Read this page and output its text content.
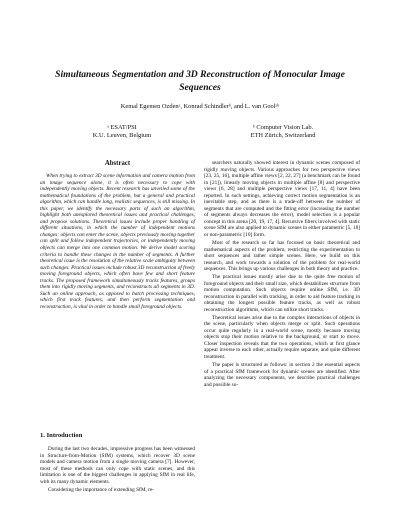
Simultaneous Segmentation and 3D Reconstruction of Monocular Image Sequences
Kemal Egemen Ozdenᵃ, Konrad Schindlerᵇ, and L. van Goolᵃᵇ
ᵃ ESAT/PSI
K.U. Leuven, Belgium
ᵇ Computer Vision Lab.
ETH Zürich, Switzerland
Abstract
When trying to extract 3D scene information and camera motion from an image sequence alone, it is often necessary to cope with independently moving objects. Recent research has unveiled some of the mathematical foundations of the problem, but a general and practical algorithm, which can handle long, realistic sequences, is still missing. In this paper, we identify the necessary parts of such an algorithm, highlight both unexplored theoretical issues and practical challenges, and propose solutions. Theoretical issues include proper handling of different situations, in which the number of independent motions changes: objects can enter the scene, objects previously moving together can split and follow independent trajectories, or independently moving objects can merge into one common motion. We derive model scoring criteria to handle these changes in the number of segments. A further theoretical issue is the resolution of the relative scale ambiguity between such changes. Practical issues include robust 3D reconstruction of freely moving foreground objects, which often have few and short feature tracks. The proposed framework simultaneously tracks features, groups them into rigidly moving segments, and reconstructs all segments in 3D. Such an online approach, as opposed to batch processing techniques, which first track features, and then perform segmentation and reconstruction, is vital in order to handle small foreground objects.
1. Introduction

During the last two decades, impressive progress has been witnessed in Structure-from-Motion (SfM) systems, which recover 3D scene models and camera motion from a single moving camera [7]. However, most of these methods can only cope with static scenes, and this limitation is one of the biggest challenges in applying SfM in real life, with its many dynamic elements.

Considering the importance of extending SfM, re-

searchers naturally showed interest in dynamic scenes composed of rigidly moving objects. Various approaches for two perspective views [23, 25, 16], multiple affine views [2, 22, 27] (a benchmark can be found in [21]), linearly moving objects in multiple affine [8] and perspective views [6, 28] and multiple perspective views [17, 11, 4] have been reported. In such settings, achieving correct motion segmentation is an inevitable step, and as there is a trade-off between the number of segments that are computed and the fitting error (increasing the number of segments always decreases the error), model selection is a popular concept in this arena [20, 19, 17, 4]. Recursive filters involved with static scene SfM are also applied to dynamic scenes in either parametric [5, 18] or non-parametric [10] form.

Most of the research so far has focused on basic theoretical and mathematical aspects of the problem, restricting the experimentation to short sequences and rather simple scenes. Here, we build on this research, and work towards a solution of the problem for real-world sequences. This brings up various challenges in both theory and practice.

The practical issues mostly arise due to the quite free motion of foreground objects and their small size, which destabilizes structure from motion computation. Such objects require online SfM, i.e. 3D reconstruction in parallel with tracking, in order to aid feature tracking in obtaining the longest possible feature tracks, as well as robust reconstruction algorithms, which can utilize short tracks.

Theoretical issues arise due to the complex interactions of objects in the scene, particularly when objects merge or split. Such operations occur quite regularly in a real-world scene, mostly because moving objects stop their motion relative to the background, or start to move. Closer inspection reveals that the two operations, which at first glance appear inverse to each other, actually require separate, and quite different treatment.

The paper is structured as follows: in section 2 the essential aspects of a practical SfM framework for dynamic scenes are identified. After analyzing the necessary components, we describe practical challenges and possible so-
